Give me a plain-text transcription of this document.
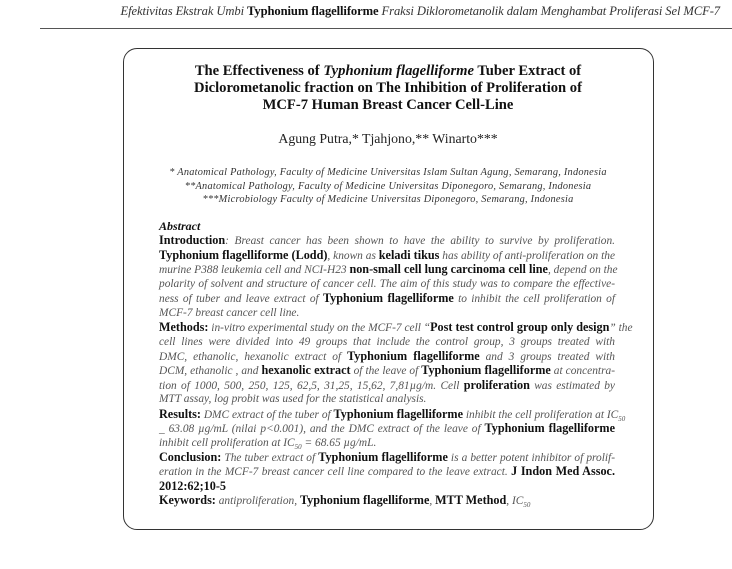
Efektivitas Ekstrak Umbi Typhonium flagelliforme Fraksi Diklorometanolik dalam Menghambat Proliferasi Sel MCF-7
The Effectiveness of Typhonium flagelliforme Tuber Extract of
Diclorometanolic fraction on The Inhibition of Proliferation of
MCF-7 Human Breast Cancer Cell-Line
Agung Putra,* Tjahjono,** Winarto***
* Anatomical Pathology, Faculty of Medicine Universitas Islam Sultan Agung, Semarang, Indonesia
**Anatomical Pathology, Faculty of Medicine Universitas Diponegoro, Semarang, Indonesia
***Microbiology Faculty of Medicine Universitas Diponegoro, Semarang, Indonesia
Abstract
Introduction: Breast cancer has been shown to have the ability to survive by proliferation.
Typhonium flagelliforme (Lodd), known as keladi tikus has ability of anti-proliferation on the
murine P388 leukemia cell and NCI-H23 non-small cell lung carcinoma cell line, depend on the
polarity of solvent and structure of cancer cell. The aim of this study was to compare the effective-
ness of tuber and leave extract of Typhonium flagelliforme to inhibit the cell proliferation of
MCF-7 breast cancer cell line.
Methods: in-vitro experimental study on the MCF-7 cell “Post test control group only design” the
cell lines were divided into 49 groups that include the control group, 3 groups treated with
DMC, ethanolic, hexanolic extract of Typhonium flagelliforme and 3 groups treated with
DCM, ethanolic , and hexanolic extract of the leave of Typhonium flagelliforme at concentra-
tion of 1000, 500, 250, 125, 62,5, 31,25, 15,62, 7,81µg/m. Cell proliferation was estimated by
MTT assay, log probit was used for the statistical analysis.
Results: DMC extract of the tuber of Typhonium flagelliforme inhibit the cell proliferation at $IC_{50}$
_ 63.08 µg/mL (nilai p<0.001), and the DMC extract of the leave of Typhonium flagelliforme
inhibit cell proliferation at $IC_{50} = 68.65$ µg/mL.
Conclusion: The tuber extract of Typhonium flagelliforme is a better potent inhibitor of prolif-
eration in the MCF-7 breast cancer cell line compared to the leave extract. J Indon Med Assoc.
2012:62;10-5
Keywords: antiproliferation, Typhonium flagelliforme, MTT Method, $IC_{50}$
